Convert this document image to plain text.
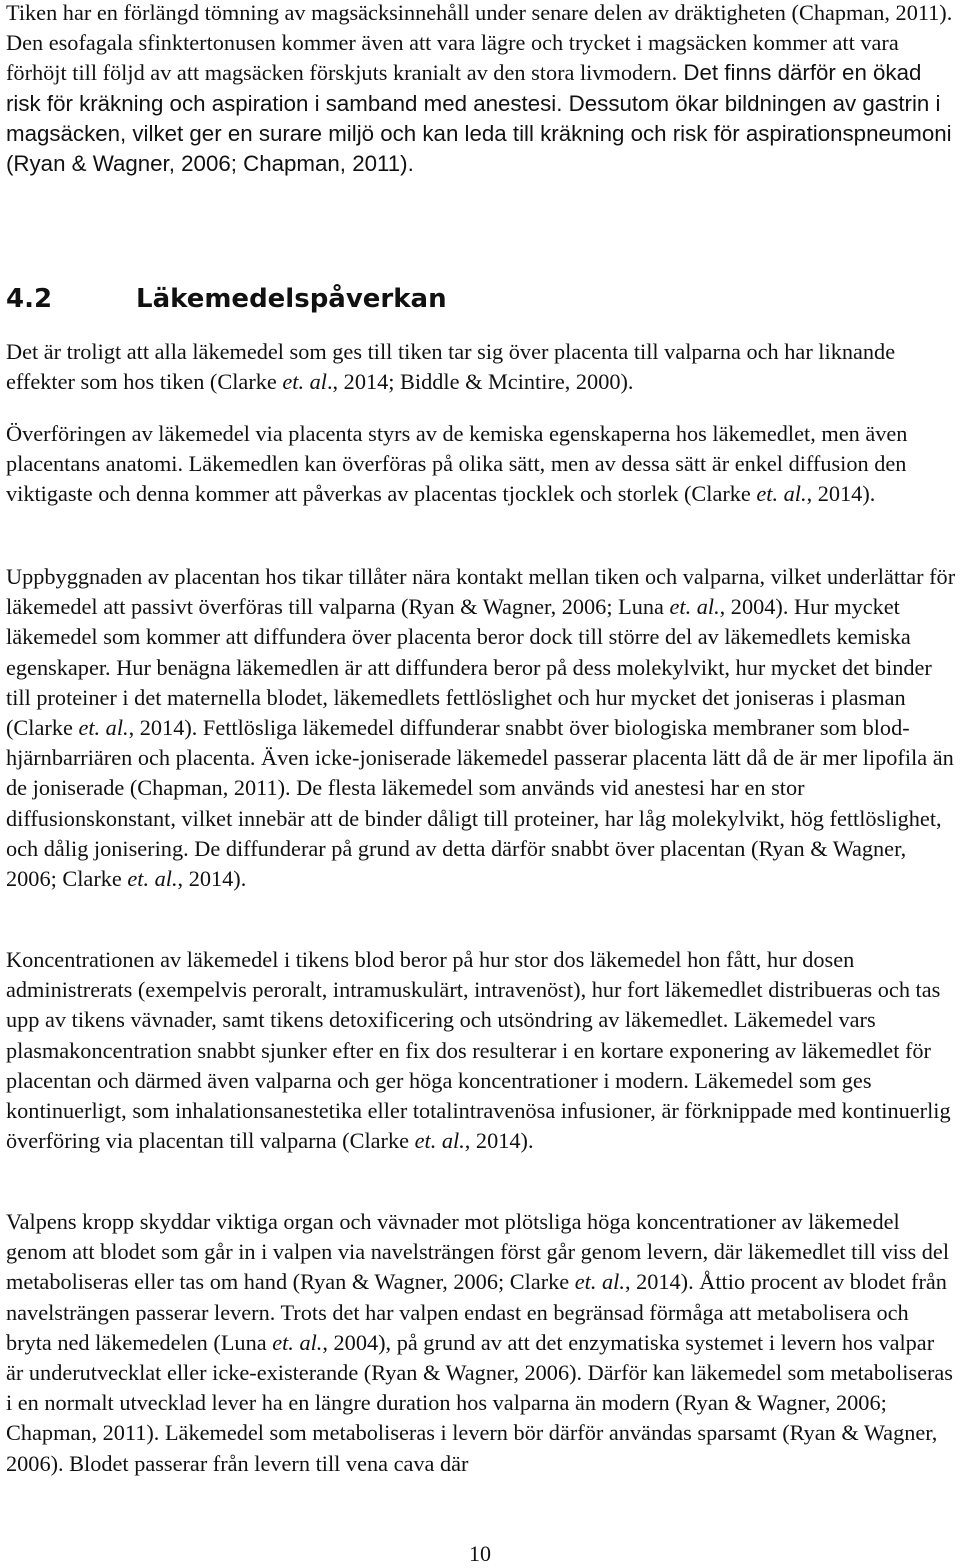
Tiken har en förlängd tömning av magsäcksinnehåll under senare delen av dräktigheten (Chapman, 2011). Den esofagala sfinktertonusen kommer även att vara lägre och trycket i magsäcken kommer att vara förhöjt till följd av att magsäcken förskjuts kranialt av den stora livmodern. Det finns därför en ökad risk för kräkning och aspiration i samband med anestesi. Dessutom ökar bildningen av gastrin i magsäcken, vilket ger en surare miljö och kan leda till kräkning och risk för aspirationspneumoni (Ryan & Wagner, 2006; Chapman, 2011).

4.2	Läkemedelspåverkan

Det är troligt att alla läkemedel som ges till tiken tar sig över placenta till valparna och har liknande effekter som hos tiken (Clarke et. al., 2014; Biddle & Mcintire, 2000).

Överföringen av läkemedel via placenta styrs av de kemiska egenskaperna hos läkemedlet, men även placentans anatomi. Läkemedlen kan överföras på olika sätt, men av dessa sätt är enkel diffusion den viktigaste och denna kommer att påverkas av placentas tjocklek och storlek (Clarke et. al., 2014).

Uppbyggnaden av placentan hos tikar tillåter nära kontakt mellan tiken och valparna, vilket underlättar för läkemedel att passivt överföras till valparna (Ryan & Wagner, 2006; Luna et. al., 2004). Hur mycket läkemedel som kommer att diffundera över placenta beror dock till större del av läkemedlets kemiska egenskaper. Hur benägna läkemedlen är att diffundera beror på dess molekylvikt, hur mycket det binder till proteiner i det maternella blodet, läkemedlets fettlöslighet och hur mycket det joniseras i plasman (Clarke et. al., 2014). Fettlösliga läkemedel diffunderar snabbt över biologiska membraner som blod-hjärnbarriären och placenta. Även icke-joniserade läkemedel passerar placenta lätt då de är mer lipofila än de joniserade (Chapman, 2011). De flesta läkemedel som används vid anestesi har en stor diffusionskonstant, vilket innebär att de binder dåligt till proteiner, har låg molekylvikt, hög fettlöslighet, och dålig jonisering. De diffunderar på grund av detta därför snabbt över placentan (Ryan & Wagner, 2006; Clarke et. al., 2014).

Koncentrationen av läkemedel i tikens blod beror på hur stor dos läkemedel hon fått, hur dosen administrerats (exempelvis peroralt, intramuskulärt, intravenöst), hur fort läkemedlet distribueras och tas upp av tikens vävnader, samt tikens detoxificering och utsöndring av läkemedlet. Läkemedel vars plasmakoncentration snabbt sjunker efter en fix dos resulterar i en kortare exponering av läkemedlet för placentan och därmed även valparna och ger höga koncentrationer i modern. Läkemedel som ges kontinuerligt, som inhalationsanestetika eller totalintravenösa infusioner, är förknippade med kontinuerlig överföring via placentan till valparna (Clarke et. al., 2014).

Valpens kropp skyddar viktiga organ och vävnader mot plötsliga höga koncentrationer av läkemedel genom att blodet som går in i valpen via navelsträngen först går genom levern, där läkemedlet till viss del metaboliseras eller tas om hand (Ryan & Wagner, 2006; Clarke et. al., 2014). Åttio procent av blodet från navelsträngen passerar levern. Trots det har valpen endast en begränsad förmåga att metabolisera och bryta ned läkemedelen (Luna et. al., 2004), på grund av att det enzymatiska systemet i levern hos valpar är underutvecklat eller icke-existerande (Ryan & Wagner, 2006). Därför kan läkemedel som metaboliseras i en normalt utvecklad lever ha en längre duration hos valparna än modern (Ryan & Wagner, 2006; Chapman, 2011). Läkemedel som metaboliseras i levern bör därför användas sparsamt (Ryan & Wagner, 2006). Blodet passerar från levern till vena cava där

10
